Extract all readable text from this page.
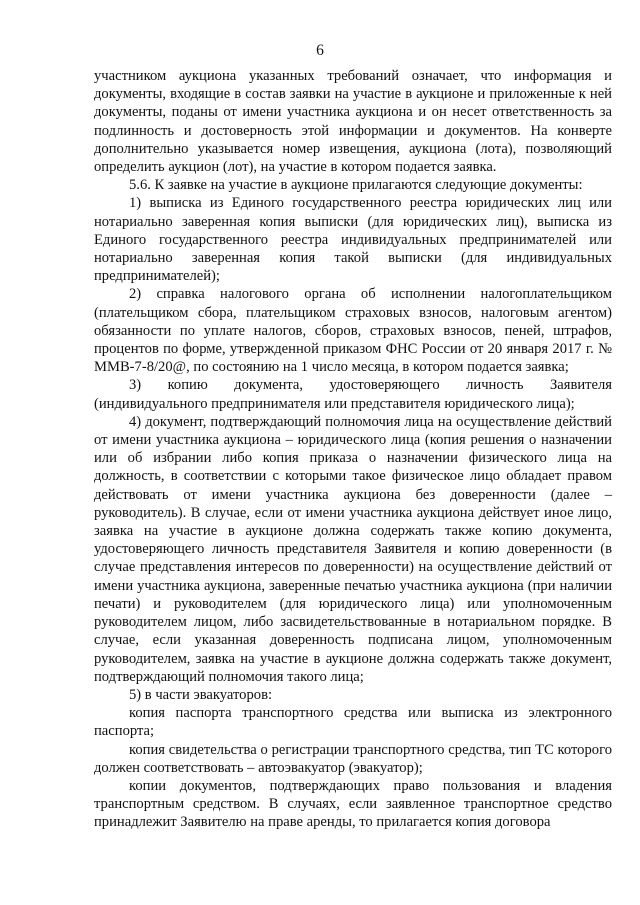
6

участником аукциона указанных требований означает, что информация и документы, входящие в состав заявки на участие в аукционе и приложенные к ней документы, поданы от имени участника аукциона и он несет ответственность за подлинность и достоверность этой информации и документов. На конверте дополнительно указывается номер извещения, аукциона (лота), позволяющий определить аукцион (лот), на участие в котором подается заявка.

5.6. К заявке на участие в аукционе прилагаются следующие документы:

1) выписка из Единого государственного реестра юридических лиц или нотариально заверенная копия выписки (для юридических лиц), выписка из Единого государственного реестра индивидуальных предпринимателей или нотариально заверенная копия такой выписки (для индивидуальных предпринимателей);

2) справка налогового органа об исполнении налогоплательщиком (плательщиком сбора, плательщиком страховых взносов, налоговым агентом) обязанности по уплате налогов, сборов, страховых взносов, пеней, штрафов, процентов по форме, утвержденной приказом ФНС России от 20 января 2017 г. № ММВ-7-8/20@, по состоянию на 1 число месяца, в котором подается заявка;

3) копию документа, удостоверяющего личность Заявителя (индивидуального предпринимателя или представителя юридического лица);

4) документ, подтверждающий полномочия лица на осуществление действий от имени участника аукциона – юридического лица (копия решения о назначении или об избрании либо копия приказа о назначении физического лица на должность, в соответствии с которыми такое физическое лицо обладает правом действовать от имени участника аукциона без доверенности (далее – руководитель). В случае, если от имени участника аукциона действует иное лицо, заявка на участие в аукционе должна содержать также копию документа, удостоверяющего личность представителя Заявителя и копию доверенности (в случае представления интересов по доверенности) на осуществление действий от имени участника аукциона, заверенные печатью участника аукциона (при наличии печати) и руководителем (для юридического лица) или уполномоченным руководителем лицом, либо засвидетельствованные в нотариальном порядке. В случае, если указанная доверенность подписана лицом, уполномоченным руководителем, заявка на участие в аукционе должна содержать также документ, подтверждающий полномочия такого лица;

5) в части эвакуаторов:

копия паспорта транспортного средства или выписка из электронного паспорта;

копия свидетельства о регистрации транспортного средства, тип ТС которого должен соответствовать – автоэвакуатор (эвакуатор);

копии документов, подтверждающих право пользования и владения транспортным средством. В случаях, если заявленное транспортное средство принадлежит Заявителю на праве аренды, то прилагается копия договора
